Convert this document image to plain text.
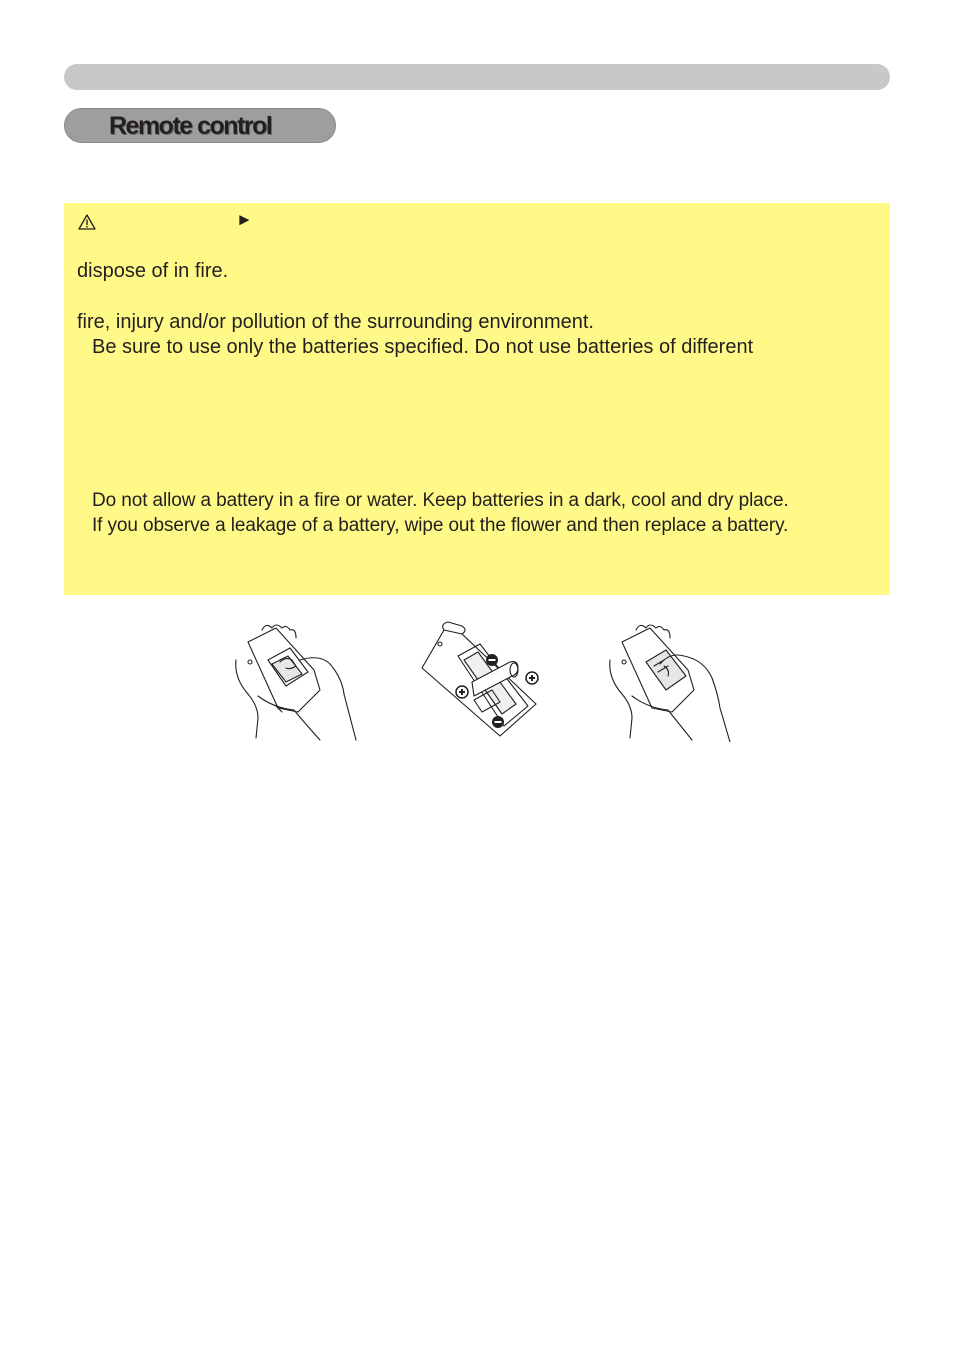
Remote control
►
dispose of in fire.
fire, injury and/or pollution of the surrounding environment.
Be sure to use only the batteries specified. Do not use batteries of different
Do not allow a battery in a fire or water. Keep batteries in a dark, cool and dry place.
If you observe a leakage of a battery, wipe out the flower and then replace a battery.
